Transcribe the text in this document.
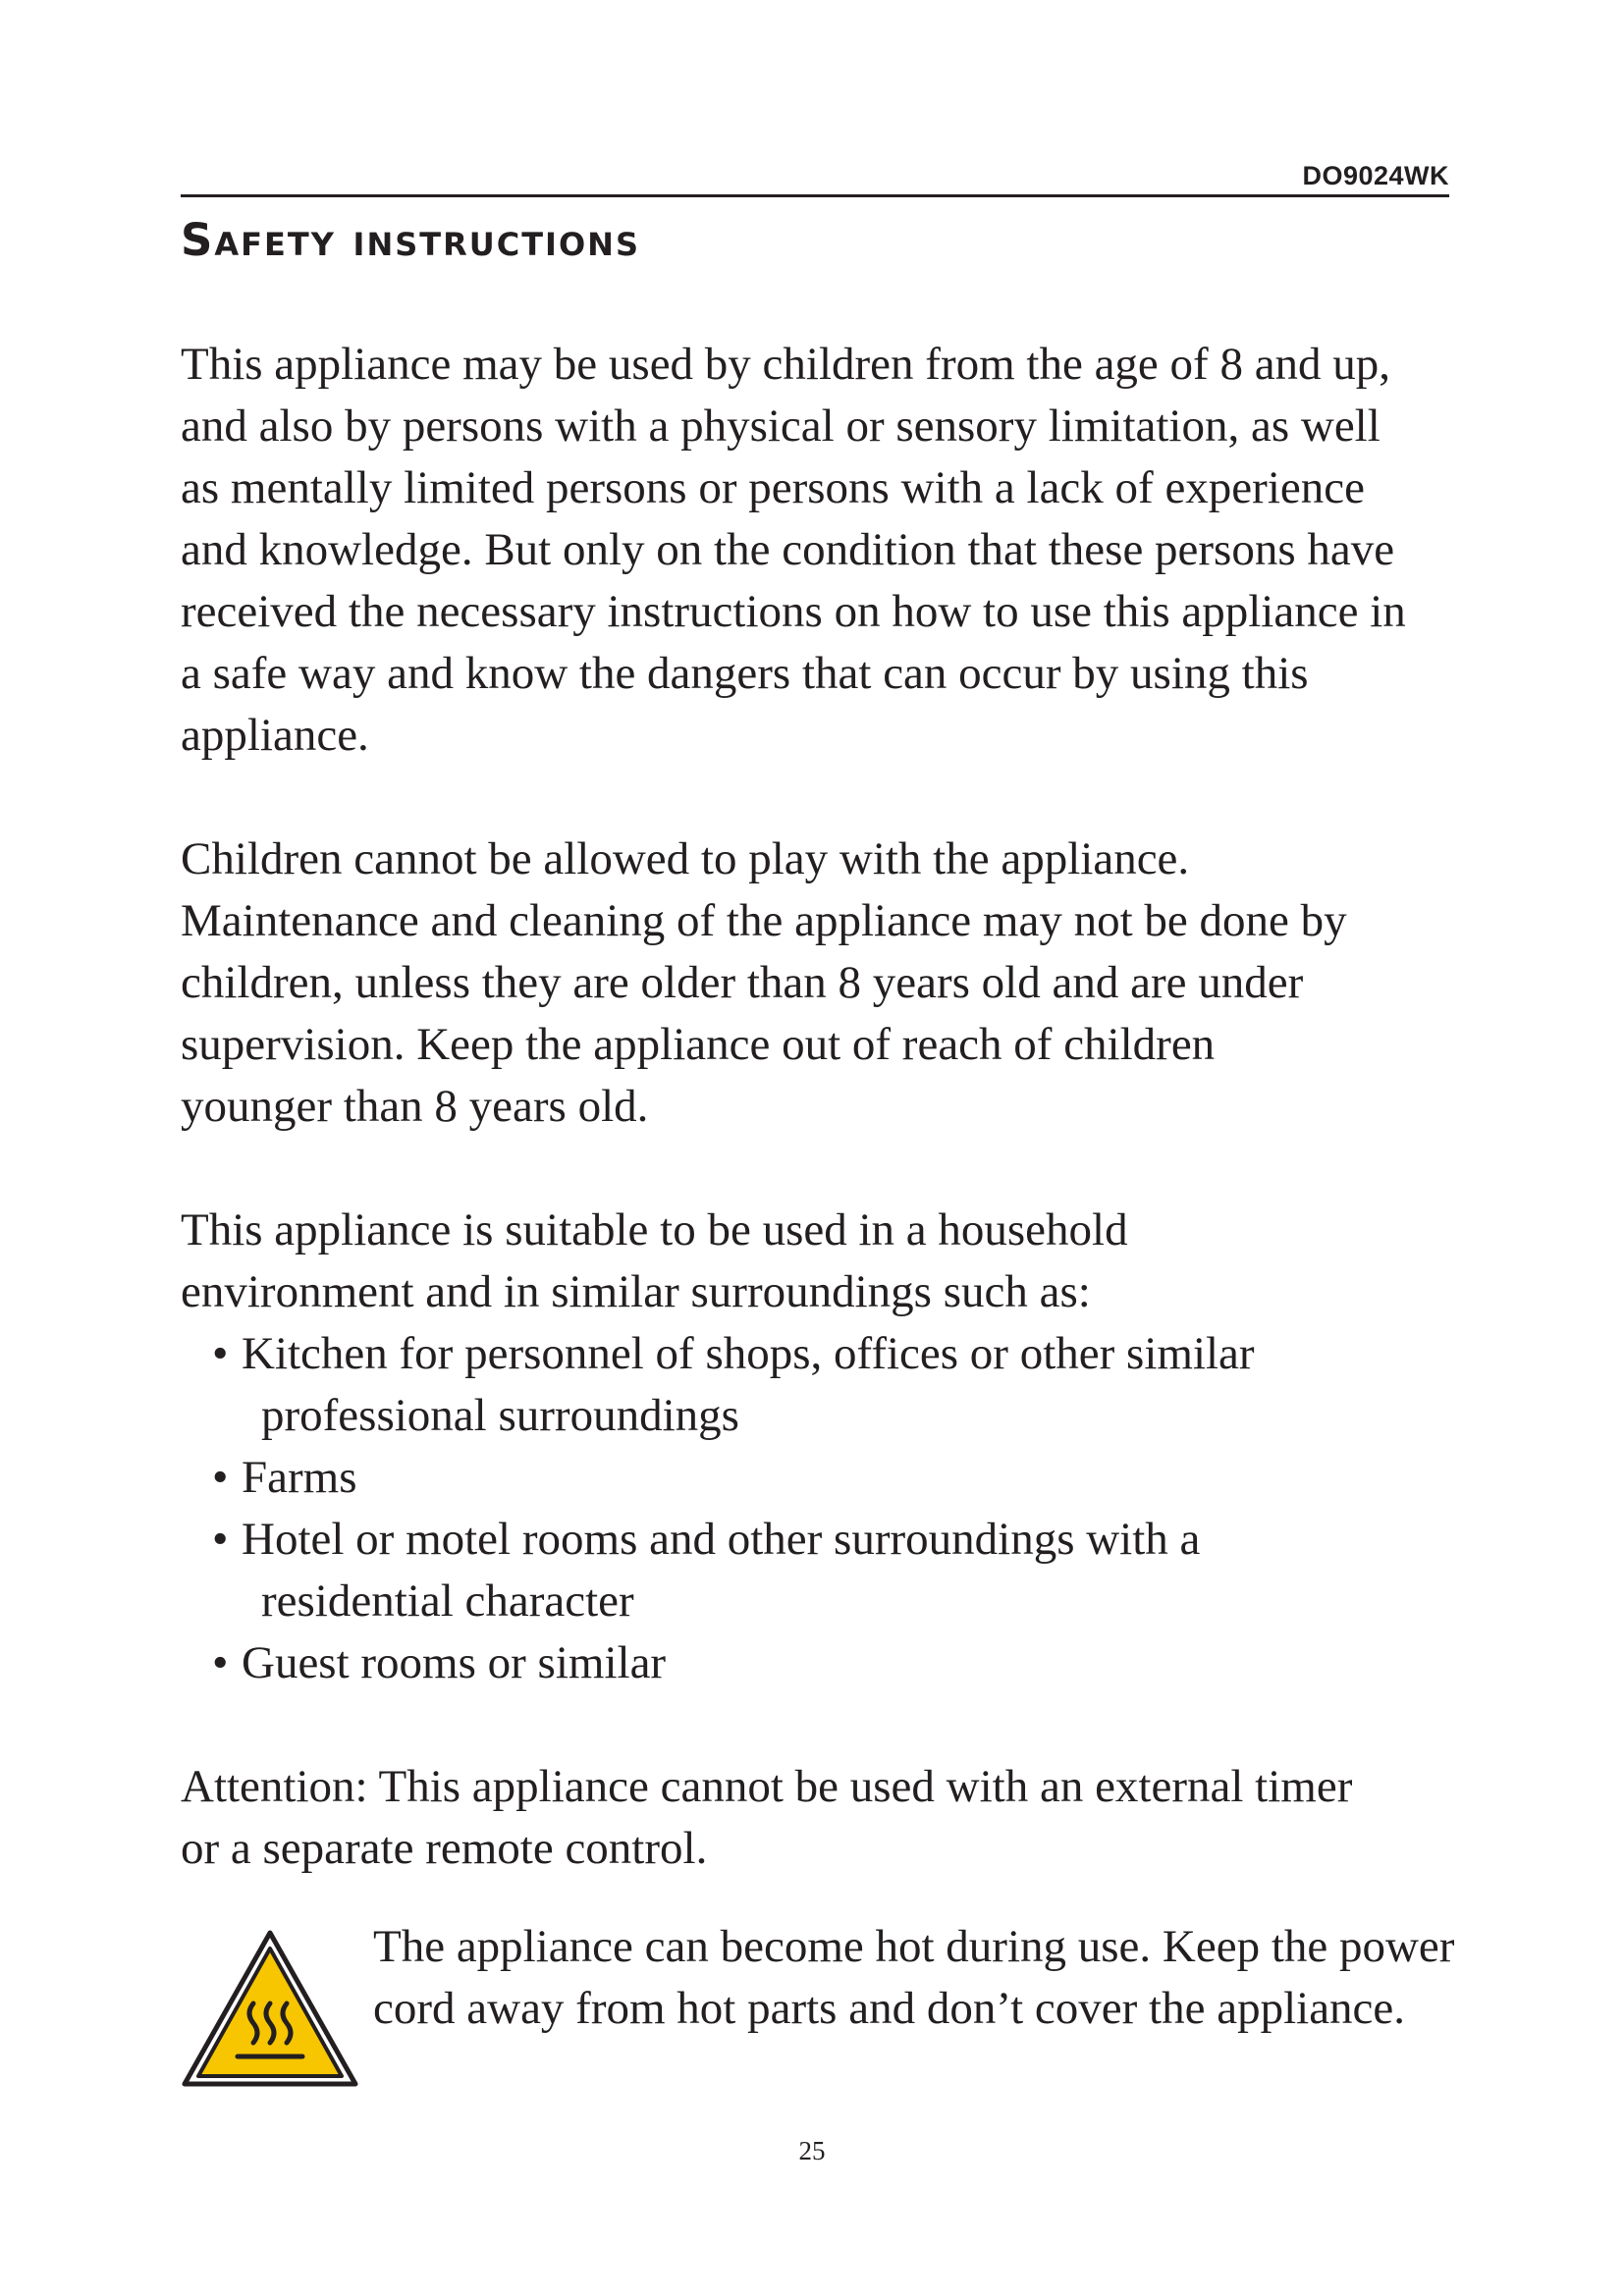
DO9024WK
Safety instructions

This appliance may be used by children from the age of 8 and up, and also by persons with a physical or sensory limitation, as well as mentally limited persons or persons with a lack of experience and knowledge. But only on the condition that these persons have received the necessary instructions on how to use this appliance in a safe way and know the dangers that can occur by using this appliance.

Children cannot be allowed to play with the appliance. Maintenance and cleaning of the appliance may not be done by children, unless they are older than 8 years old and are under supervision. Keep the appliance out of reach of children younger than 8 years old.

This appliance is suitable to be used in a household environment and in similar surroundings such as:

• Kitchen for personnel of shops, offices or other similar professional surroundings
• Farms
• Hotel or motel rooms and other surroundings with a residential character
• Guest rooms or similar

Attention: This appliance cannot be used with an external timer or a separate remote control.

The appliance can become hot during use. Keep the power cord away from hot parts and don’t cover the appliance.

25
